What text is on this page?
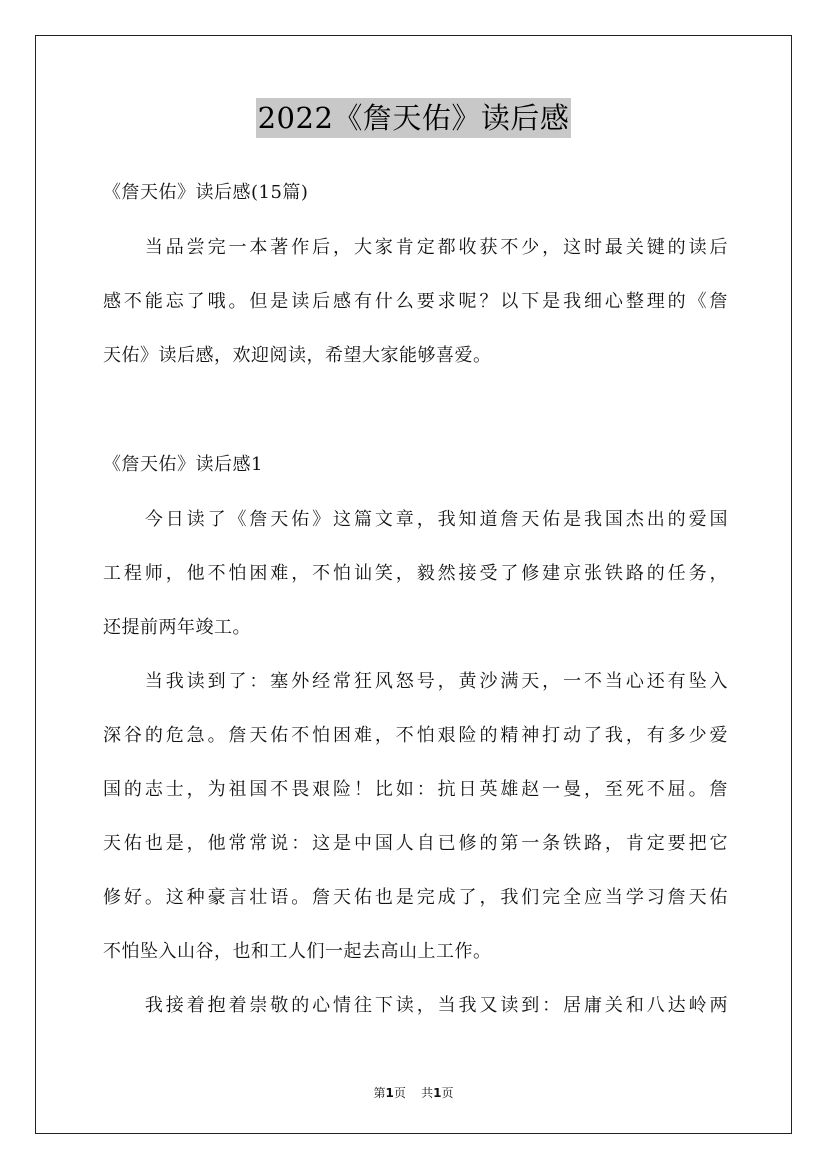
2022《詹天佑》读后感
《詹天佑》读后感(15篇)
　　当品尝完一本著作后，大家肯定都收获不少，这时最关键的读后
感不能忘了哦。但是读后感有什么要求呢？以下是我细心整理的《詹
天佑》读后感，欢迎阅读，希望大家能够喜爱。
《詹天佑》读后感1
　　今日读了《詹天佑》这篇文章，我知道詹天佑是我国杰出的爱国
工程师，他不怕困难，不怕讪笑，毅然接受了修建京张铁路的任务，
还提前两年竣工。
　　当我读到了：塞外经常狂风怒号，黄沙满天，一不当心还有坠入
深谷的危急。詹天佑不怕困难，不怕艰险的精神打动了我，有多少爱
国的志士，为祖国不畏艰险！比如：抗日英雄赵一曼，至死不屈。詹
天佑也是，他常常说：这是中国人自已修的第一条铁路，肯定要把它
修好。这种豪言壮语。詹天佑也是完成了，我们完全应当学习詹天佑
不怕坠入山谷，也和工人们一起去高山上工作。
　　我接着抱着崇敬的心情往下读，当我又读到：居庸关和八达岭两
第1页 共1页
